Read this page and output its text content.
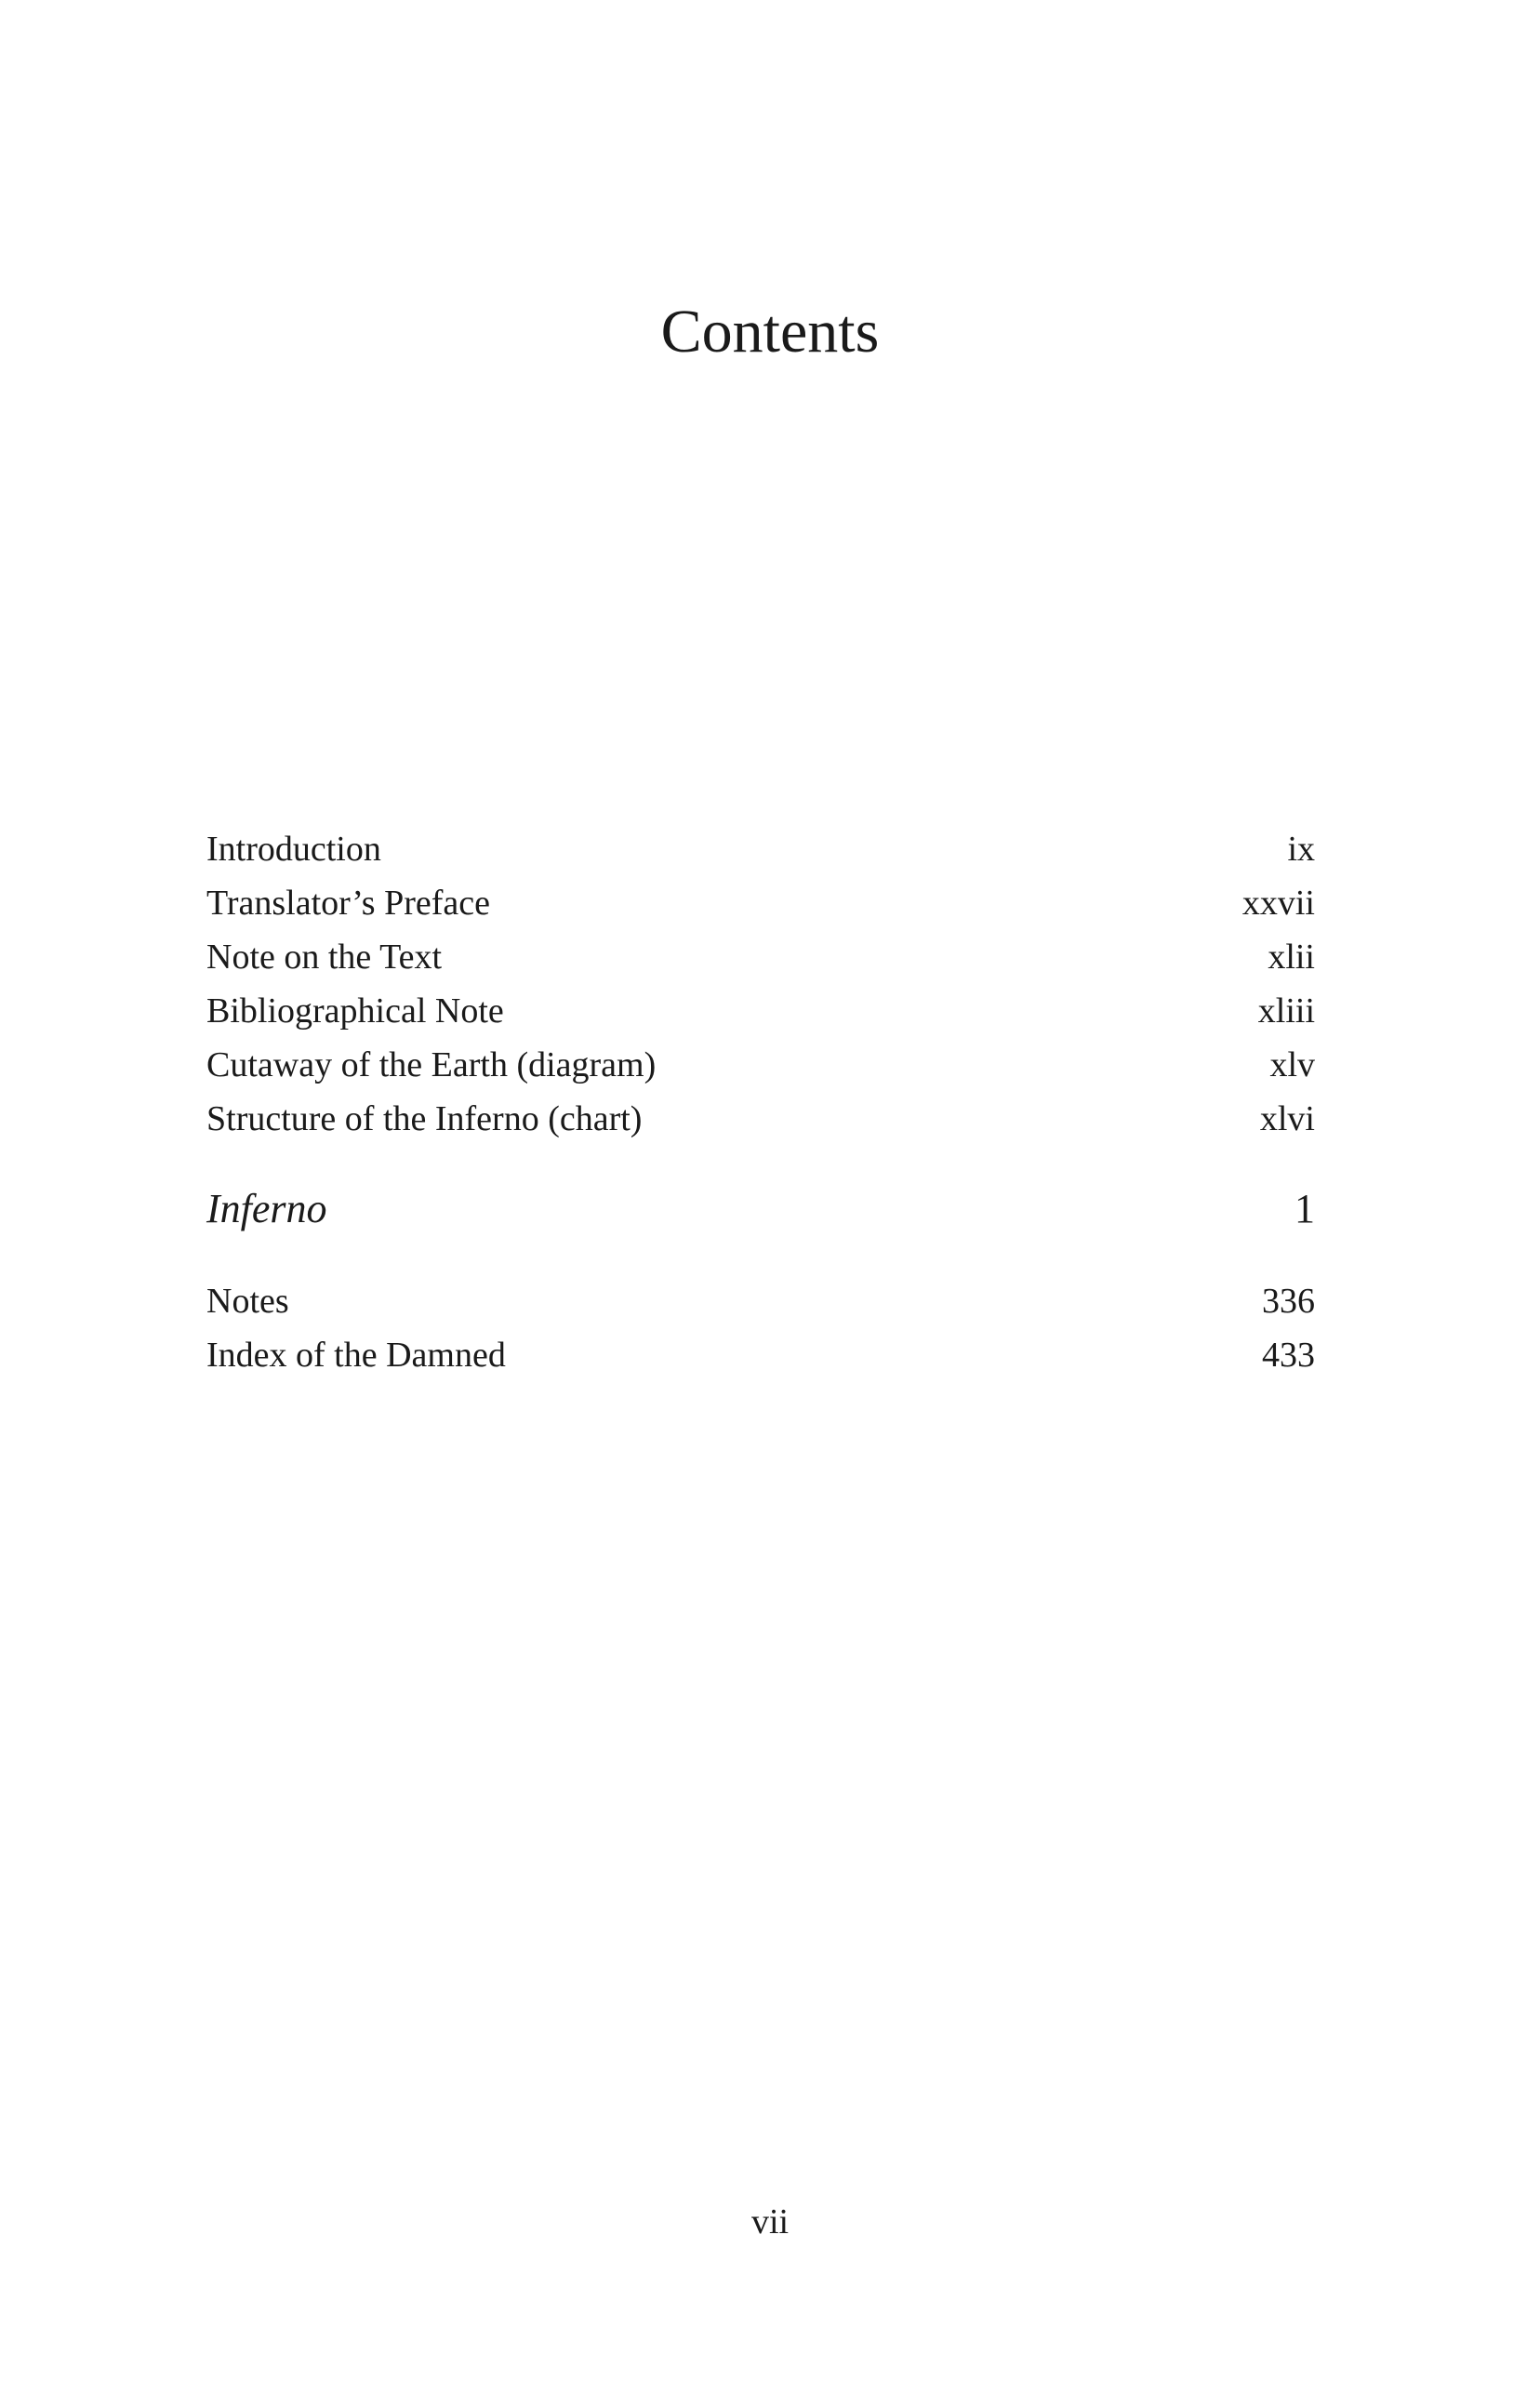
Contents
Introduction	ix
Translator’s Preface	xxvii
Note on the Text	xlii
Bibliographical Note	xliii
Cutaway of the Earth (diagram)	xlv
Structure of the Inferno (chart)	xlvi
Inferno	1
Notes	336
Index of the Damned	433
vii
